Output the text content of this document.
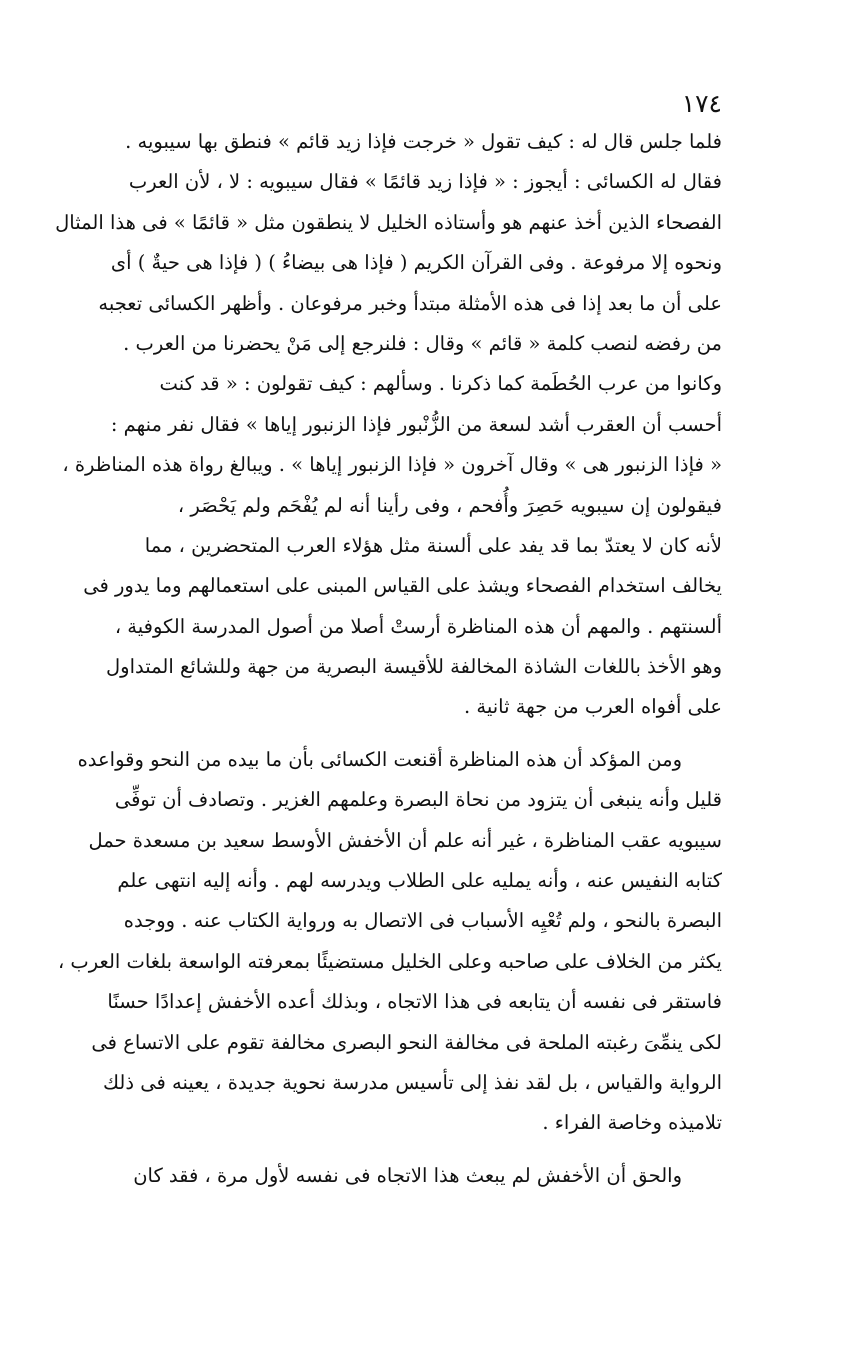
١٧٤
فلما جلس قال له : كيف تقول « خرجت فإذا زيد قائم » فنطق بها سيبويه .
فقال له الكسائى : أيجوز : « فإذا زيد قائمًا » فقال سيبويه : لا ، لأن العرب
الفصحاء الذين أخذ عنهم هو وأستاذه الخليل لا ينطقون مثل « قائمًا » فى هذا المثال
ونحوه إلا مرفوعة . وفى القرآن الكريم ( فإذا هى بيضاءُ ) ( فإذا هى حيةٌ ) أى
على أن ما بعد إذا فى هذه الأمثلة مبتدأ وخبر مرفوعان . وأظهر الكسائى تعجبه
من رفضه لنصب كلمة « قائم » وقال : فلنرجع إلى مَنْ يحضرنا من العرب .
وكانوا من عرب الحُطَمة كما ذكرنا . وسألهم : كيف تقولون : « قد كنت
أحسب أن العقرب أشد لسعة من الزُّنْبور فإذا الزنبور إياها » فقال نفر منهم :
« فإذا الزنبور هى » وقال آخرون « فإذا الزنبور إياها » . ويبالغ رواة هذه المناظرة ،
فيقولون إن سيبويه حَصِرَ وأُفحم ، وفى رأينا أنه لم يُفْحَم ولم يَحْصَر ،
لأنه كان لا يعتدّ بما قد يفد على ألسنة مثل هؤلاء العرب المتحضرين ، مما
يخالف استخدام الفصحاء ويشذ على القياس المبنى على استعمالهم وما يدور فى
ألسنتهم . والمهم أن هذه المناظرة أرستْ أصلا من أصول المدرسة الكوفية ،
وهو الأخذ باللغات الشاذة المخالفة للأقيسة البصرية من جهة وللشائع المتداول
على أفواه العرب من جهة ثانية .
ومن المؤكد أن هذه المناظرة أقنعت الكسائى بأن ما بيده من النحو وقواعده
قليل وأنه ينبغى أن يتزود من نحاة البصرة وعلمهم الغزير . وتصادف أن توفِّى
سيبويه عقب المناظرة ، غير أنه علم أن الأخفش الأوسط سعيد بن مسعدة حمل
كتابه النفيس عنه ، وأنه يمليه على الطلاب ويدرسه لهم . وأنه إليه انتهى علم
البصرة بالنحو ، ولم تُعْيِه الأسباب فى الاتصال به ورواية الكتاب عنه . ووجده
يكثر من الخلاف على صاحبه وعلى الخليل مستضيئًا بمعرفته الواسعة بلغات العرب ،
فاستقر فى نفسه أن يتابعه فى هذا الاتجاه ، وبذلك أعده الأخفش إعدادًا حسنًا
لكى ينمِّىَ رغبته الملحة فى مخالفة النحو البصرى مخالفة تقوم على الاتساع فى
الرواية والقياس ، بل لقد نفذ إلى تأسيس مدرسة نحوية جديدة ، يعينه فى ذلك
تلاميذه وخاصة الفراء .
والحق أن الأخفش لم يبعث هذا الاتجاه فى نفسه لأول مرة ، فقد كان
